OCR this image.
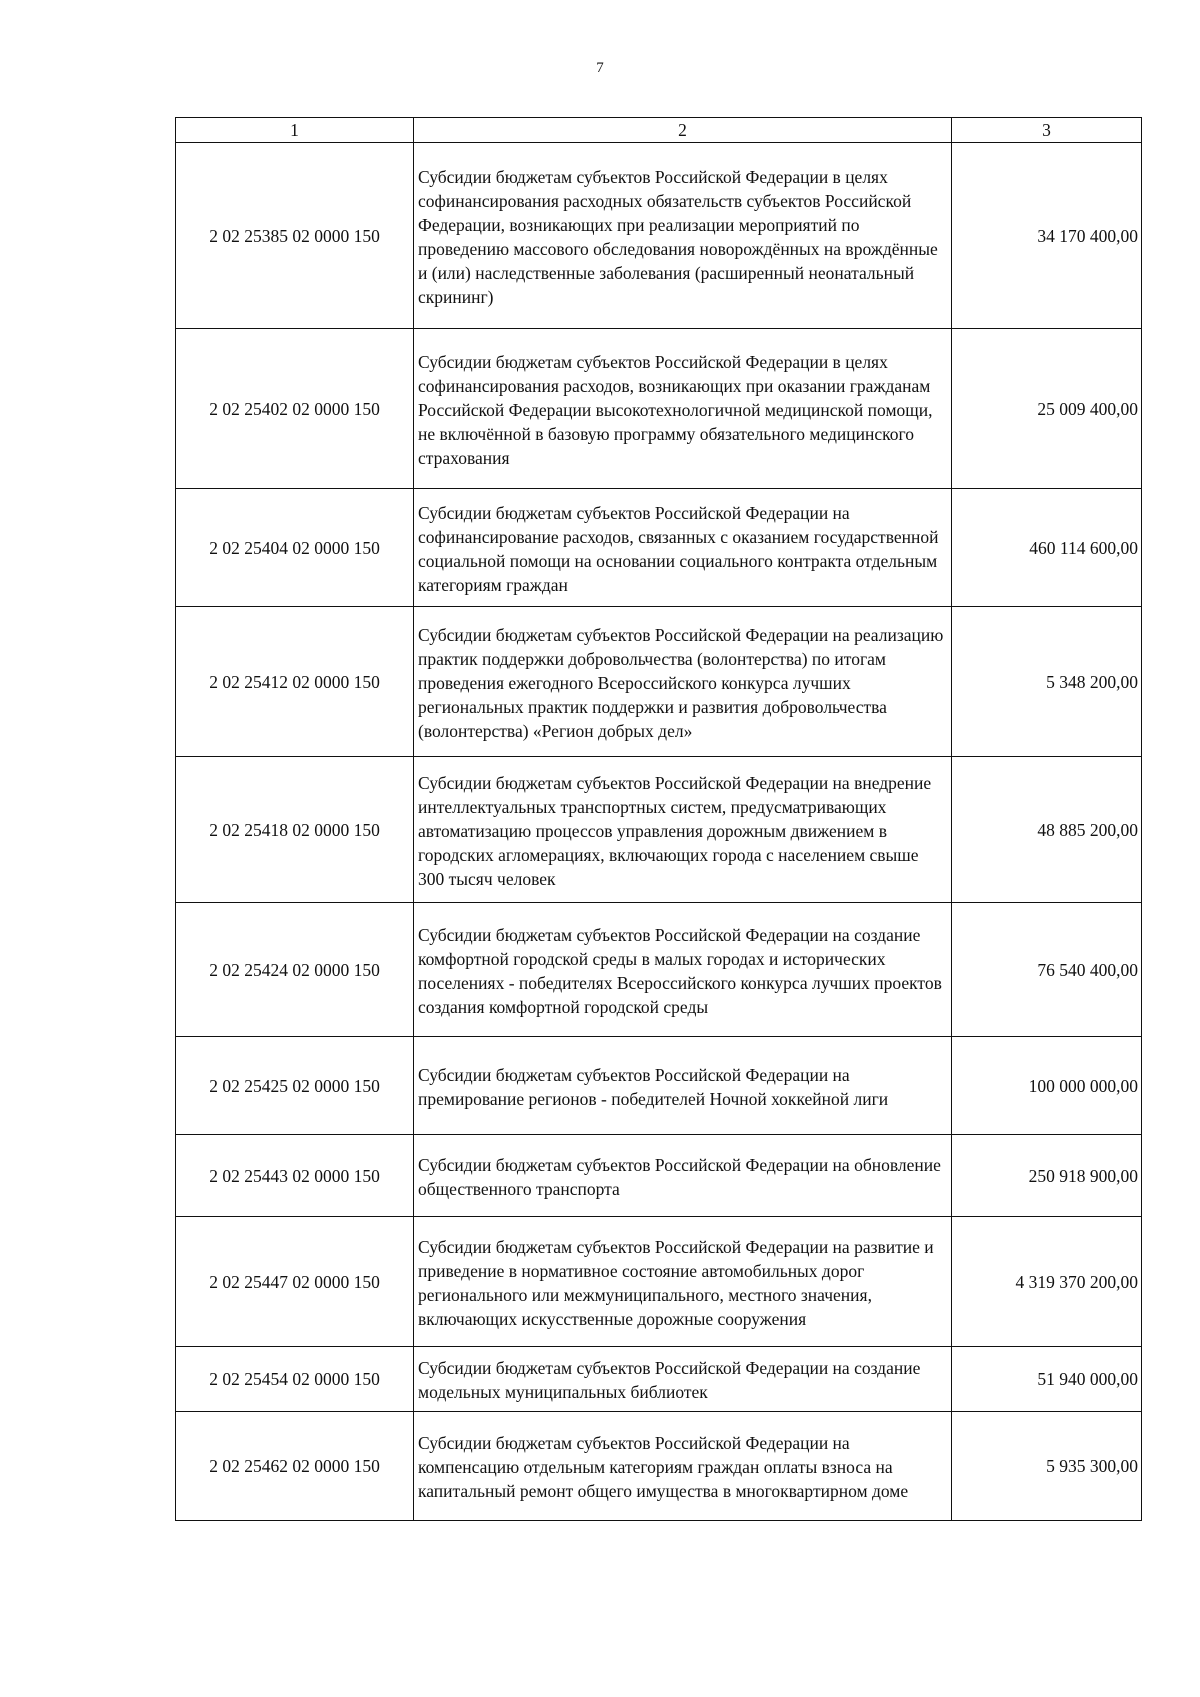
7
1	2	3
2 02 25385 02 0000 150	Субсидии бюджетам субъектов Российской Федерации в целях софинансирования расходных обязательств субъектов Российской Федерации, возникающих при реализации мероприятий по проведению массового обследования новорождённых на врождённые и (или) наследственные заболевания (расширенный неонатальный скрининг)	34 170 400,00
2 02 25402 02 0000 150	Субсидии бюджетам субъектов Российской Федерации в целях софинансирования расходов, возникающих при оказании гражданам Российской Федерации высокотехнологичной медицинской помощи, не включённой в базовую программу обязательного медицинского страхования	25 009 400,00
2 02 25404 02 0000 150	Субсидии бюджетам субъектов Российской Федерации на софинансирование расходов, связанных с оказанием государственной социальной помощи на основании социального контракта отдельным категориям граждан	460 114 600,00
2 02 25412 02 0000 150	Субсидии бюджетам субъектов Российской Федерации на реализацию практик поддержки добровольчества (волонтерства) по итогам проведения ежегодного Всероссийского конкурса лучших региональных практик поддержки и развития добровольчества (волонтерства) «Регион добрых дел»	5 348 200,00
2 02 25418 02 0000 150	Субсидии бюджетам субъектов Российской Федерации на внедрение интеллектуальных транспортных систем, предусматривающих автоматизацию процессов управления дорожным движением в городских агломерациях, включающих города с населением свыше 300 тысяч человек	48 885 200,00
2 02 25424 02 0000 150	Субсидии бюджетам субъектов Российской Федерации на создание комфортной городской среды в малых городах и исторических поселениях - победителях Всероссийского конкурса лучших проектов создания комфортной городской среды	76 540 400,00
2 02 25425 02 0000 150	Субсидии бюджетам субъектов Российской Федерации на премирование регионов - победителей Ночной хоккейной лиги	100 000 000,00
2 02 25443 02 0000 150	Субсидии бюджетам субъектов Российской Федерации на обновление общественного транспорта	250 918 900,00
2 02 25447 02 0000 150	Субсидии бюджетам субъектов Российской Федерации на развитие и приведение в нормативное состояние автомобильных дорог регионального или межмуниципального, местного значения, включающих искусственные дорожные сооружения	4 319 370 200,00
2 02 25454 02 0000 150	Субсидии бюджетам субъектов Российской Федерации на создание модельных муниципальных библиотек	51 940 000,00
2 02 25462 02 0000 150	Субсидии бюджетам субъектов Российской Федерации на компенсацию отдельным категориям граждан оплаты взноса на капитальный ремонт общего имущества в многоквартирном доме	5 935 300,00
